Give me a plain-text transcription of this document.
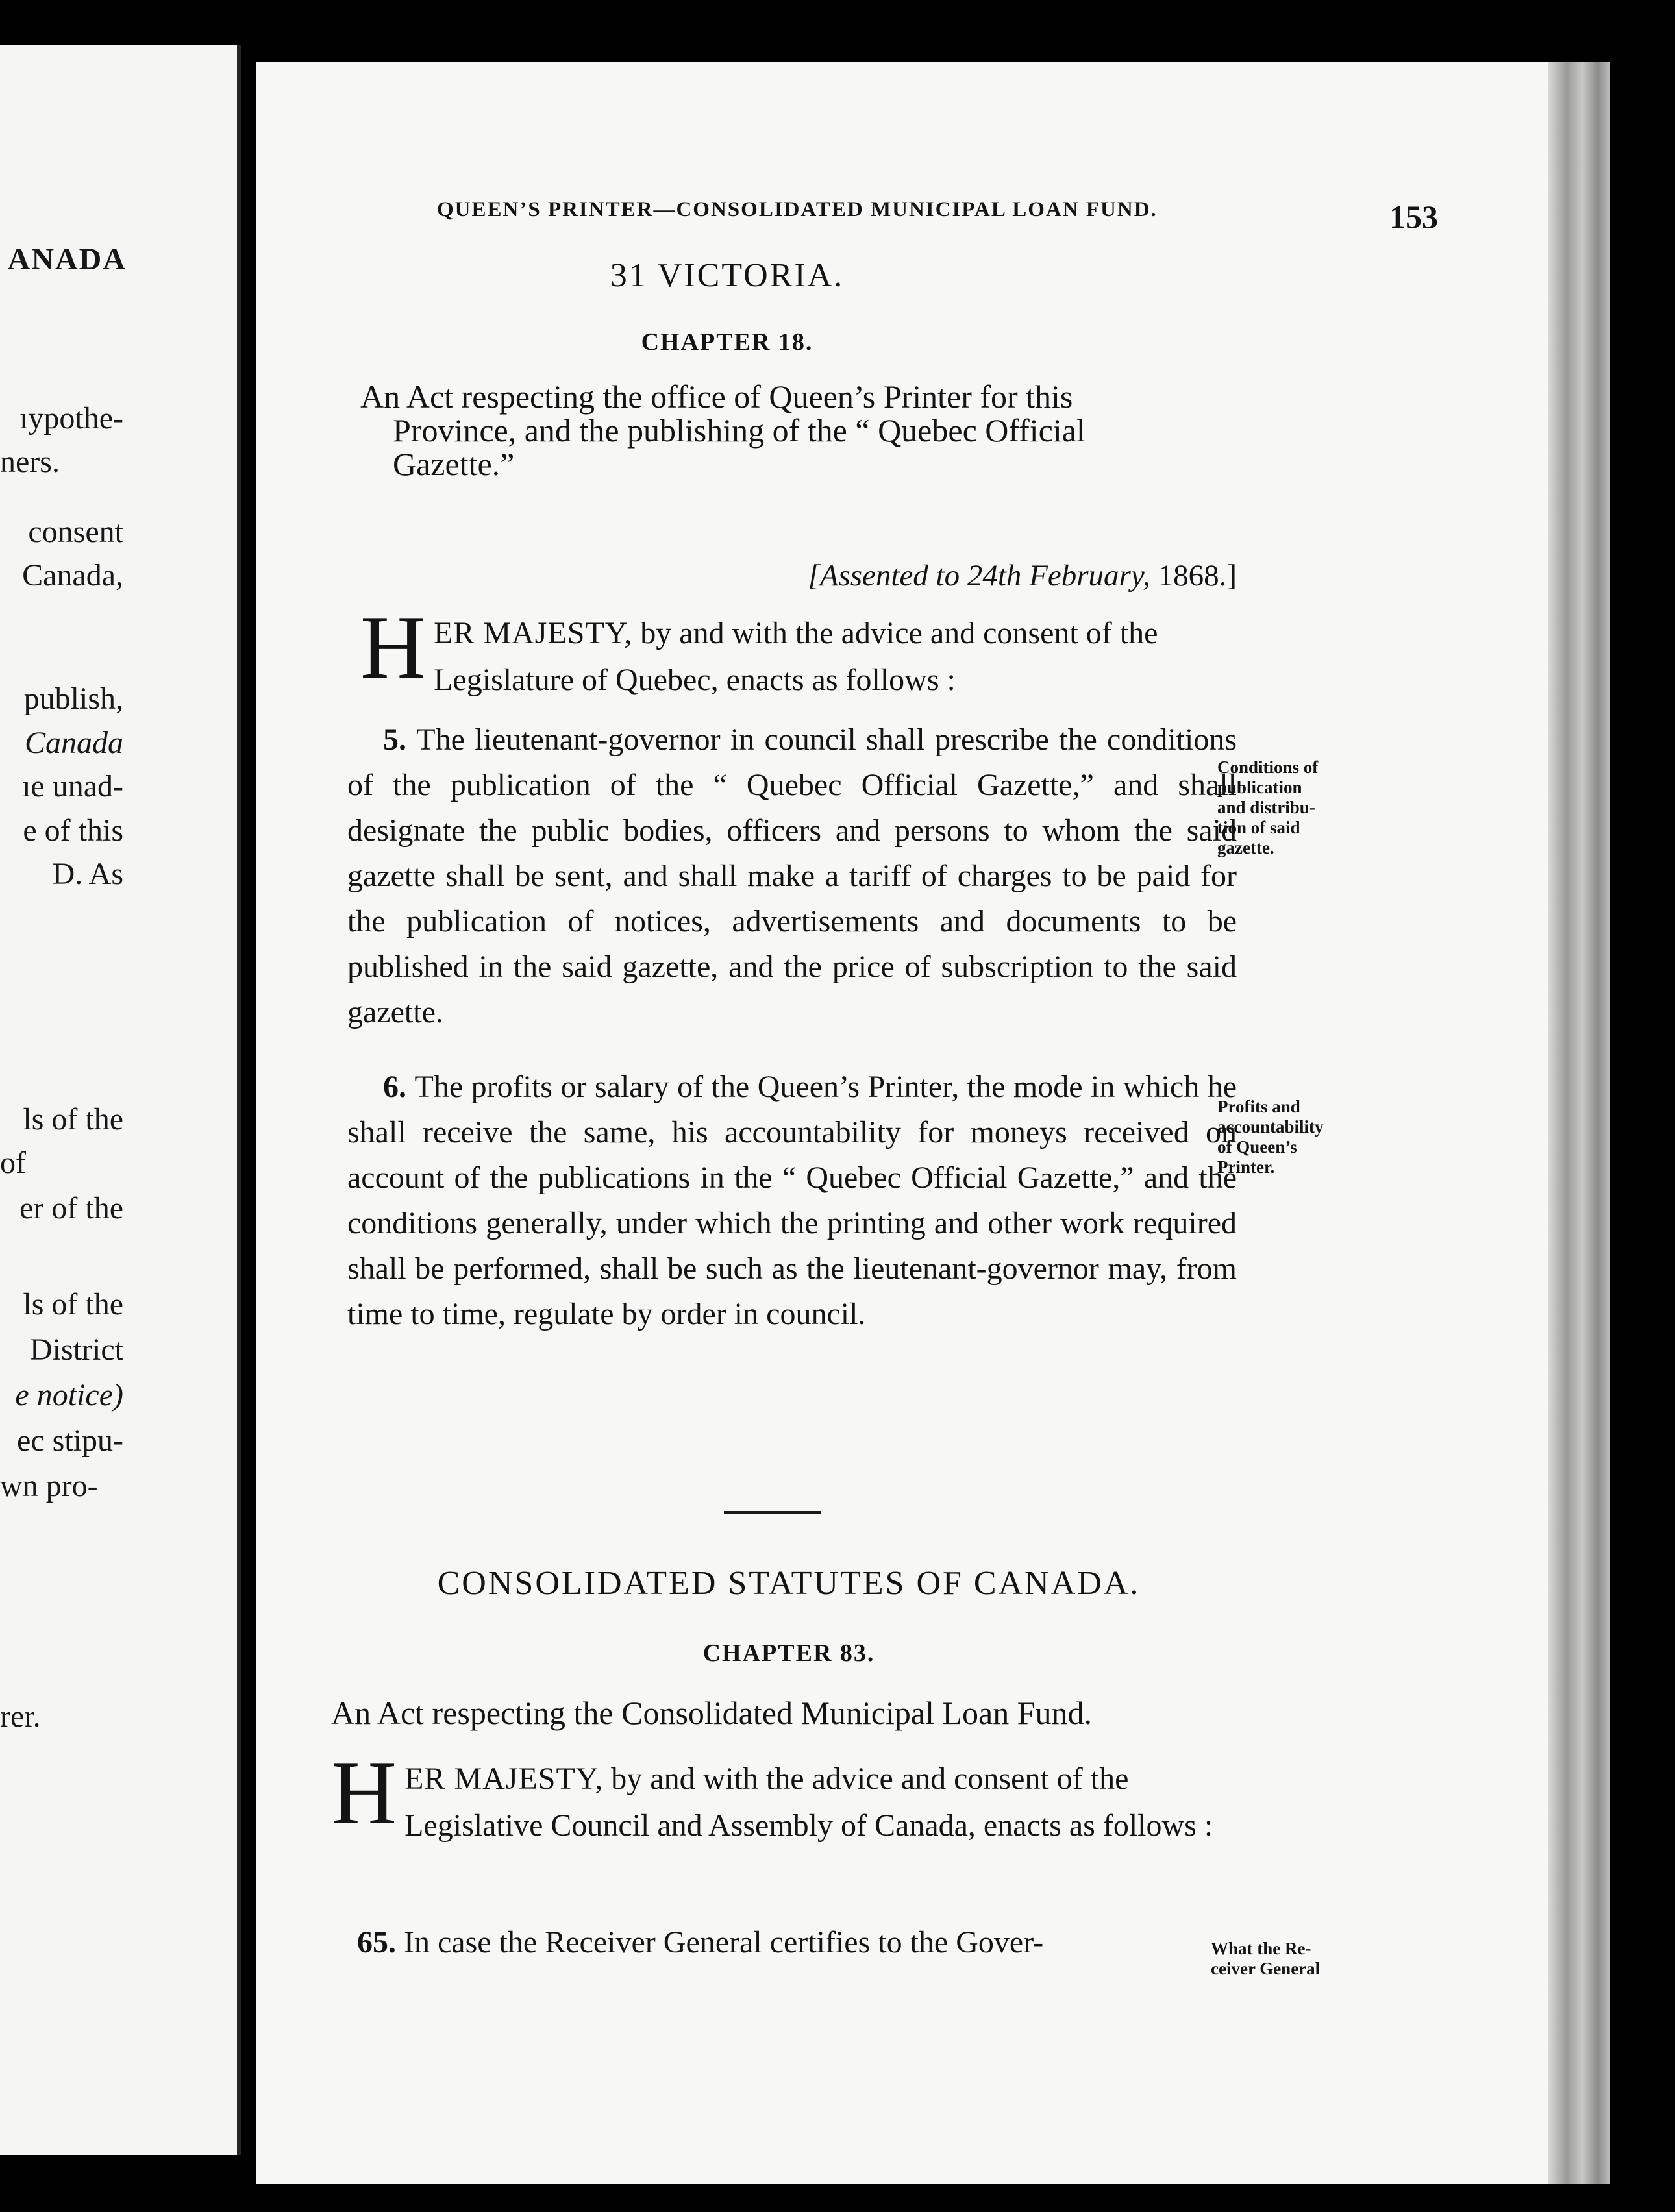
ANADA
ıypothe-
ners.
consent
Canada,
publish,
Canada
ıe unad-
e of this
D. As
ls of the
of
er of the
ls of the
District
e notice)
ec stipu-
wn pro-
rer.
QUEEN’S PRINTER—CONSOLIDATED MUNICIPAL LOAN FUND.	153
31 VICTORIA.
CHAPTER 18.
An Act respecting the office of Queen’s Printer for this
Province, and the publishing of the “ Quebec Official
Gazette.”
[Assented to 24th February, 1868.]
HER MAJESTY, by and with the advice and consent of the Legislature of Quebec, enacts as follows :

5. The lieutenant-governor in council shall prescribe the conditions of the publication of the “ Quebec Official Gazette,” and shall designate the public bodies, officers and persons to whom the said gazette shall be sent, and shall make a tariff of charges to be paid for the publication of notices, advertisements and documents to be published in the said gazette, and the price of subscription to the said gazette.

Conditions of
publication
and distribu-
tion of said
gazette.

6. The profits or salary of the Queen’s Printer, the mode in which he shall receive the same, his accountability for moneys received on account of the publications in the “ Quebec Official Gazette,” and the conditions generally, under which the printing and other work required shall be performed, shall be such as the lieutenant-governor may, from time to time, regulate by order in council.

Profits and
accountability
of Queen’s
Printer.
CONSOLIDATED STATUTES OF CANADA.
CHAPTER 83.
An Act respecting the Consolidated Municipal Loan Fund.
HER MAJESTY, by and with the advice and consent of the Legislative Council and Assembly of Canada, enacts as follows :
65. In case the Receiver General certifies to the Gover-	What the Re-
ceiver General
